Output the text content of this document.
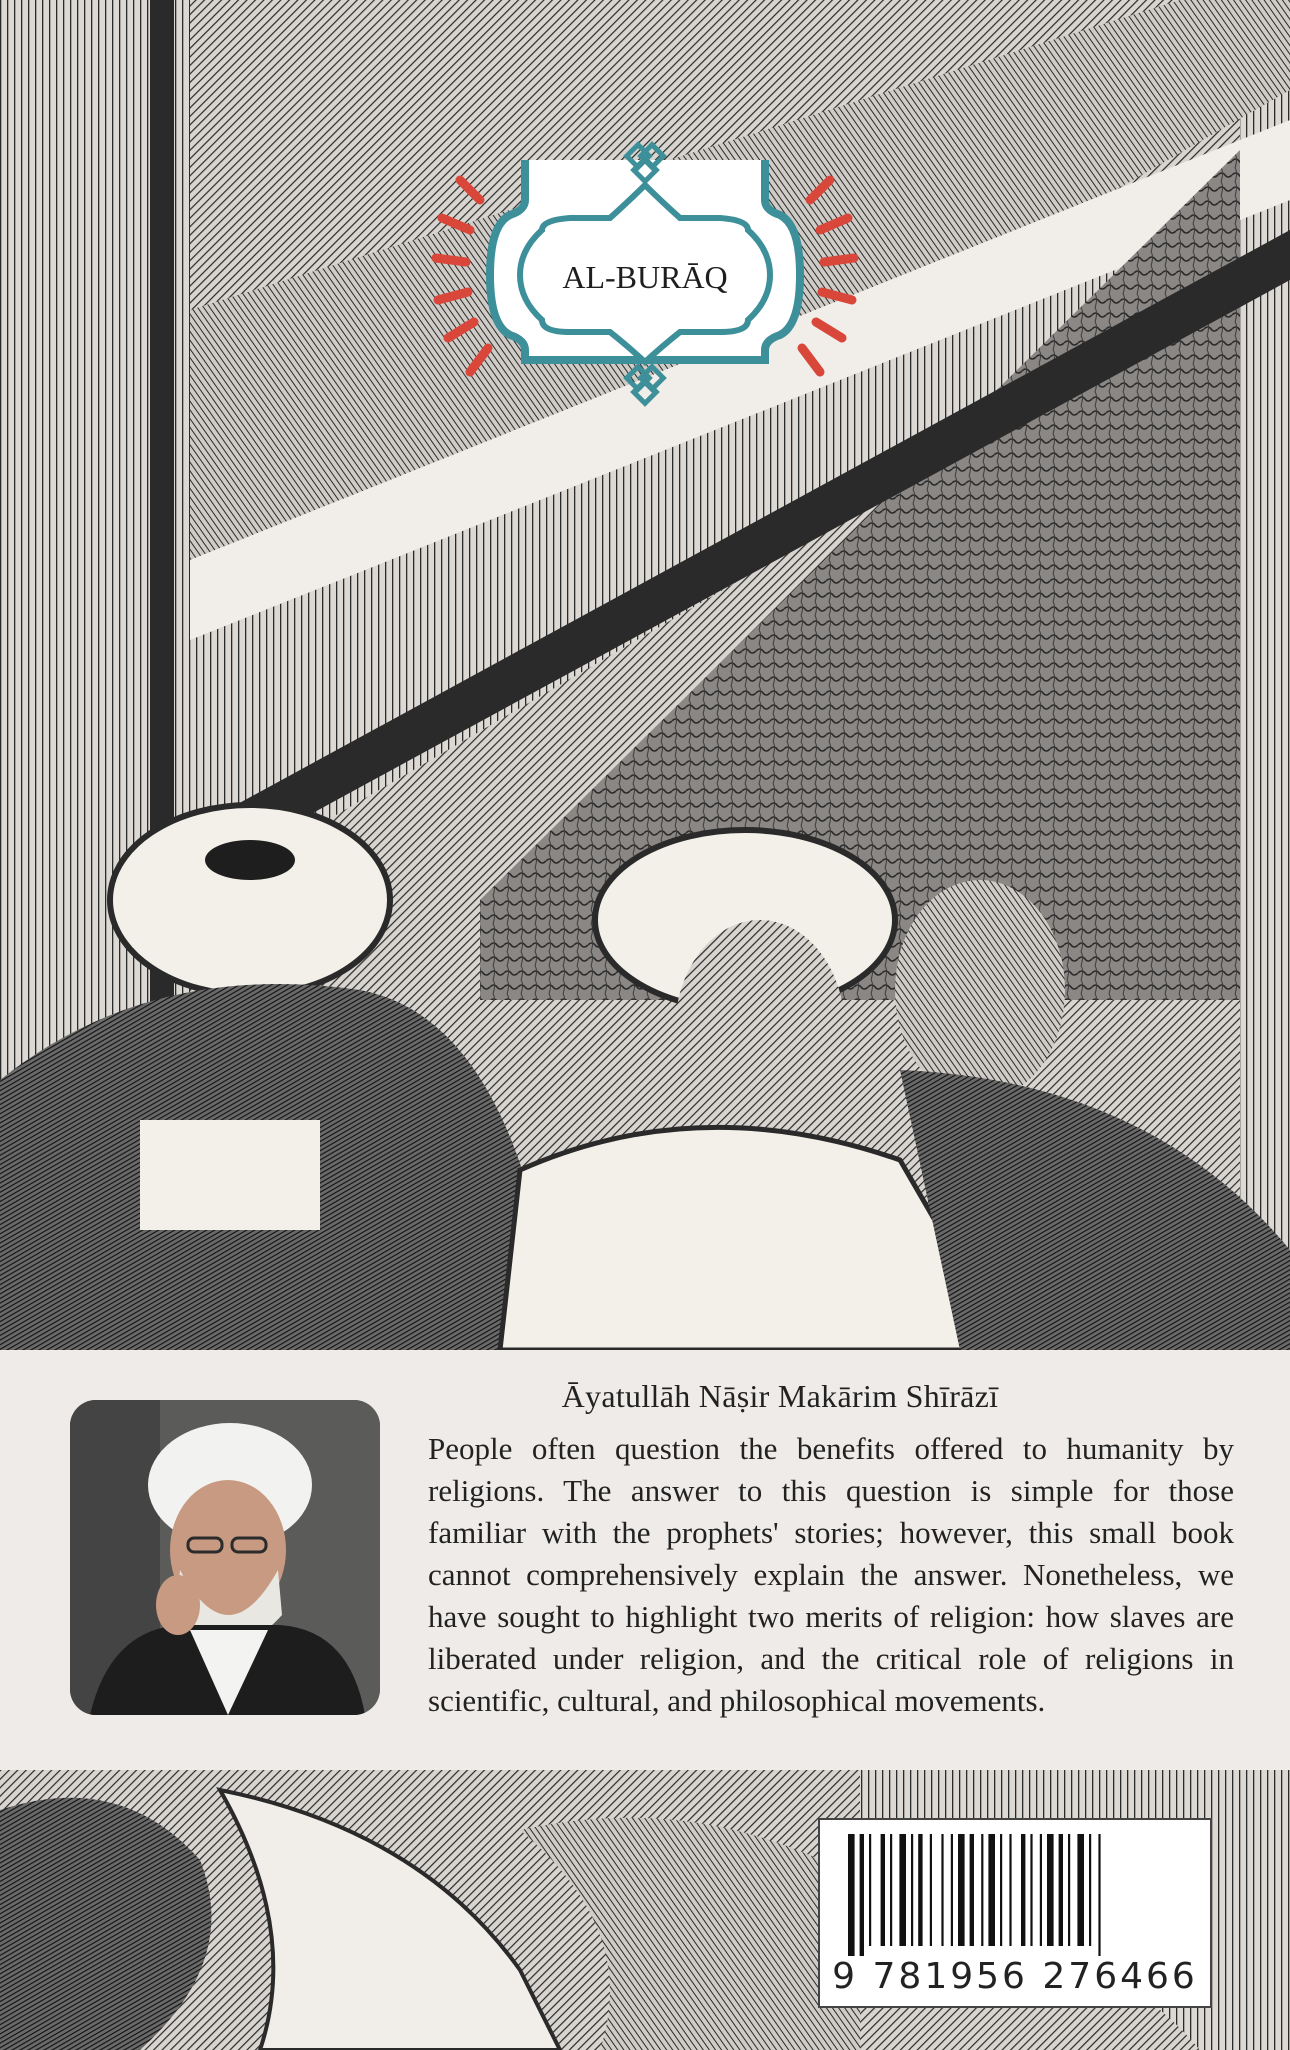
AL-BURĀQ
Āyatullāh Nāṣir Makārim Shīrāzī

People often question the benefits offered to humanity by religions. The answer to this question is simple for those familiar with the prophets' stories; however, this small book cannot comprehensively explain the answer. Nonetheless, we have sought to highlight two merits of religion: how slaves are liberated under religion, and the critical role of religions in scientific, cultural, and philosophical movements.

9 781956 276466
